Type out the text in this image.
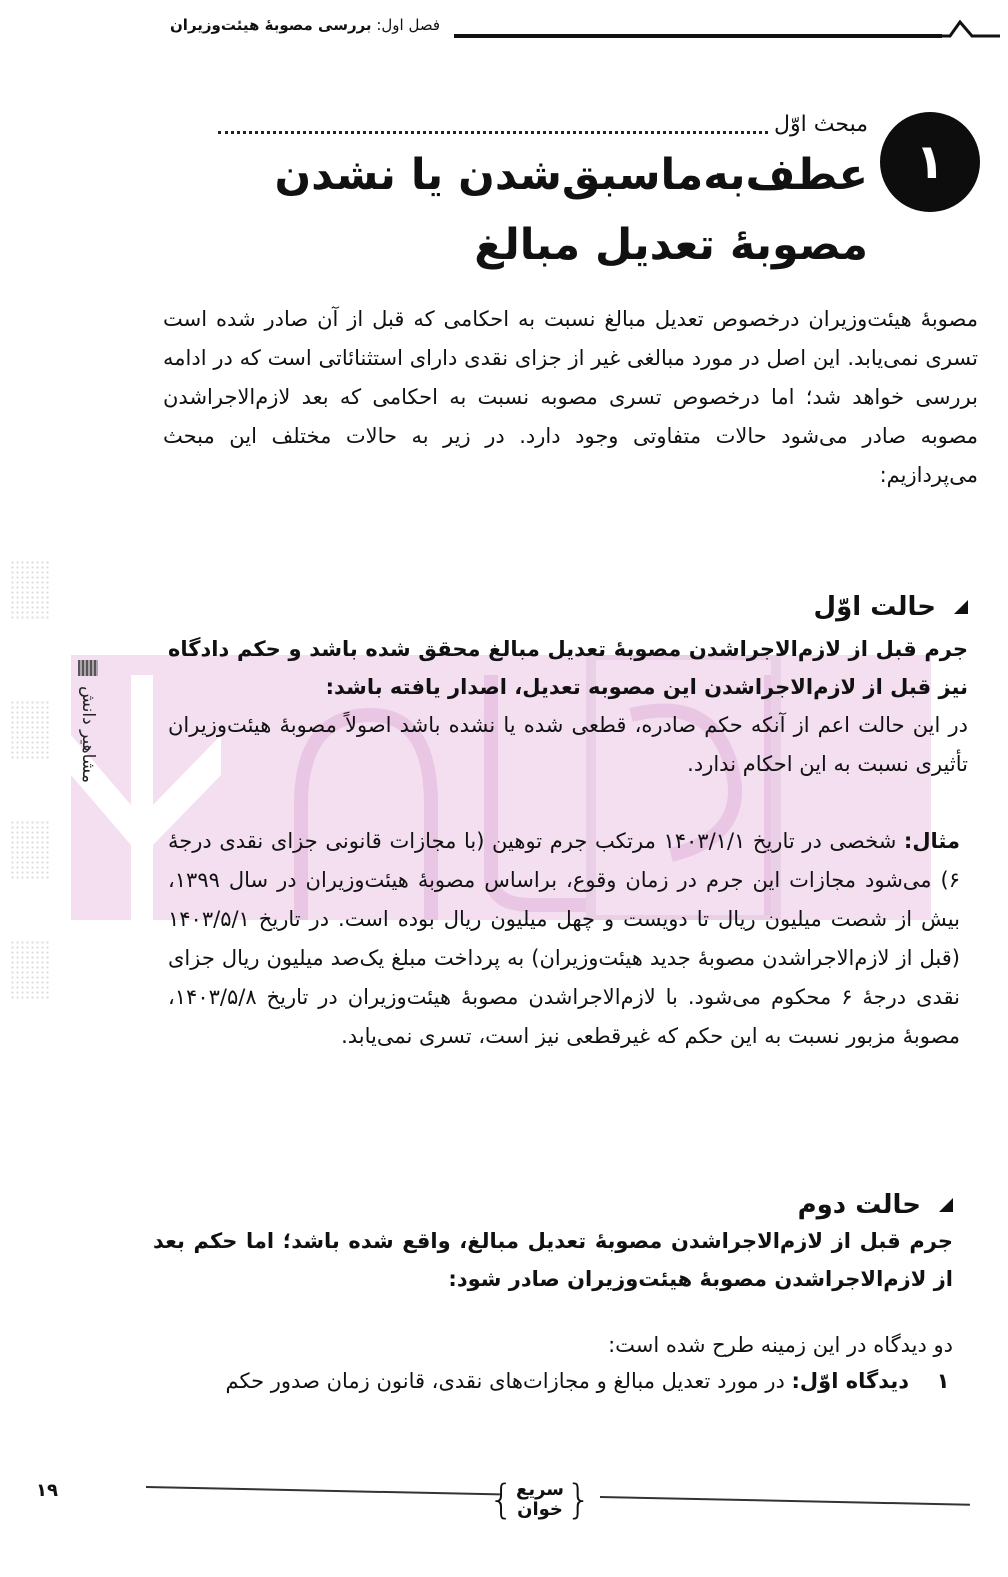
فصل اول: بررسی مصوبهٔ هیئت‌وزیران
مشاهیر دانش
۱
مبحث اوّل
عطف‌به‌ماسبق‌شدن یا نشدن مصوبهٔ تعدیل مبالغ

مصوبهٔ هیئت‌وزیران درخصوص تعدیل مبالغ نسبت به احکامی که قبل از آن صادر شده است تسری نمی‌یابد. این اصل در مورد مبالغی غیر از جزای نقدی دارای استثنائاتی است که در ادامه بررسی خواهد شد؛ اما درخصوص تسری مصوبه نسبت به احکامی که بعد لازم‌الاجراشدن مصوبه صادر می‌شود حالات متفاوتی وجود دارد. در زیر به حالات مختلف این مبحث می‌پردازیم:

حالت اوّل

جرم قبل از لازم‌الاجراشدن مصوبهٔ تعدیل مبالغ محقق شده باشد و حکم دادگاه نیز قبل از لازم‌الاجراشدن این مصوبه تعدیل، اصدار یافته باشد:

در این حالت اعم از آنکه حکم صادره، قطعی شده یا نشده باشد اصولاً مصوبهٔ هیئت‌وزیران تأثیری نسبت به این احکام ندارد.

مثال: شخصی در تاریخ ۱۴۰۳/۱/۱ مرتکب جرم توهین (با مجازات قانونی جزای نقدی درجهٔ ۶) می‌شود مجازات این جرم در زمان وقوع، براساس مصوبهٔ هیئت‌وزیران در سال ۱۳۹۹، بیش از شصت میلیون ریال تا دویست و چهل میلیون ریال بوده است. در تاریخ ۱۴۰۳/۵/۱ (قبل از لازم‌الاجراشدن مصوبهٔ جدید هیئت‌وزیران) به پرداخت مبلغ یک‌صد میلیون ریال جزای نقدی درجهٔ ۶ محکوم می‌شود. با لازم‌الاجراشدن مصوبهٔ هیئت‌وزیران در تاریخ ۱۴۰۳/۵/۸، مصوبهٔ مزبور نسبت به این حکم که غیرقطعی نیز است، تسری نمی‌یابد.

حالت دوم

جرم قبل از لازم‌الاجراشدن مصوبهٔ تعدیل مبالغ، واقع شده باشد؛ اما حکم بعد از لازم‌الاجراشدن مصوبهٔ هیئت‌وزیران صادر شود:

دو دیدگاه در این زمینه طرح شده است:
۱
دیدگاه اوّل: در مورد تعدیل مبالغ و مجازات‌های نقدی، قانون زمان صدور حکم
۱۹	{ سریع
خوان }
